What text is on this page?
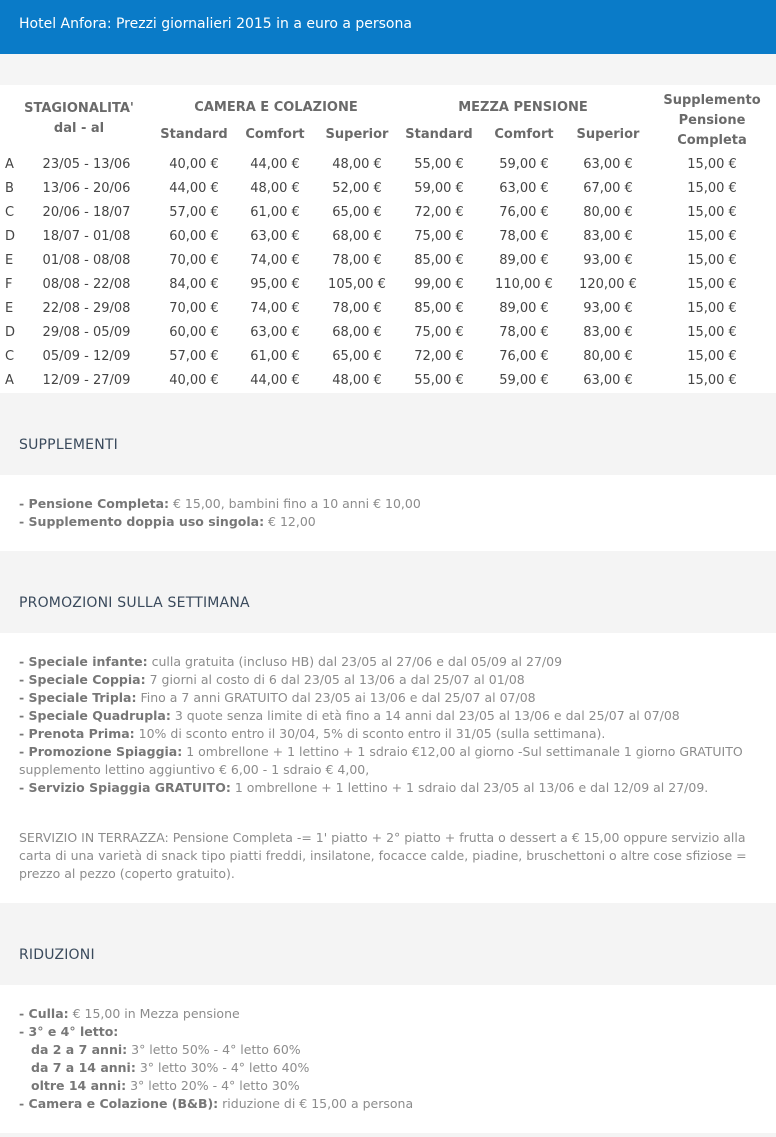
Hotel Anfora: Prezzi giornalieri 2015 in a euro a persona
STAGIONALITA' dal - al		CAMERA E COLAZIONE			MEZZA PENSIONE			Supplemento Pensione Completa

		Standard	Comfort	Superior	Standard	Comfort	Superior	
A	23/05 - 13/06	40,00 €	44,00 €	48,00 €	55,00 €	59,00 €	63,00 €	15,00 €
B	13/06 - 20/06	44,00 €	48,00 €	52,00 €	59,00 €	63,00 €	67,00 €	15,00 €
C	20/06 - 18/07	57,00 €	61,00 €	65,00 €	72,00 €	76,00 €	80,00 €	15,00 €
D	18/07 - 01/08	60,00 €	63,00 €	68,00 €	75,00 €	78,00 €	83,00 €	15,00 €
E	01/08 - 08/08	70,00 €	74,00 €	78,00 €	85,00 €	89,00 €	93,00 €	15,00 €
F	08/08 - 22/08	84,00 €	95,00 €	105,00 €	99,00 €	110,00 €	120,00 €	15,00 €
E	22/08 - 29/08	70,00 €	74,00 €	78,00 €	85,00 €	89,00 €	93,00 €	15,00 €
D	29/08 - 05/09	60,00 €	63,00 €	68,00 €	75,00 €	78,00 €	83,00 €	15,00 €
C	05/09 - 12/09	57,00 €	61,00 €	65,00 €	72,00 €	76,00 €	80,00 €	15,00 €
A	12/09 - 27/09	40,00 €	44,00 €	48,00 €	55,00 €	59,00 €	63,00 €	15,00 €
SUPPLEMENTI
- Pensione Completa: € 15,00, bambini fino a 10 anni € 10,00
- Supplemento doppia uso singola: € 12,00
PROMOZIONI SULLA SETTIMANA
- Speciale infante: culla gratuita (incluso HB) dal 23/05 al 27/06 e dal 05/09 al 27/09
- Speciale Coppia: 7 giorni al costo di 6 dal 23/05 al 13/06 a dal 25/07 al 01/08
- Speciale Tripla: Fino a 7 anni GRATUITO dal 23/05 ai 13/06 e dal 25/07 al 07/08
- Speciale Quadrupla: 3 quote senza limite di età fino a 14 anni dal 23/05 al 13/06 e dal 25/07 al 07/08
- Prenota Prima: 10% di sconto entro il 30/04, 5% di sconto entro il 31/05 (sulla settimana).
- Promozione Spiaggia: 1 ombrellone + 1 lettino + 1 sdraio €12,00 al giorno -Sul settimanale 1 giorno GRATUITO
supplemento lettino aggiuntivo € 6,00 - 1 sdraio € 4,00,
- Servizio Spiaggia GRATUITO: 1 ombrellone + 1 lettino + 1 sdraio dal 23/05 al 13/06 e dal 12/09 al 27/09.
SERVIZIO IN TERRAZZA: Pensione Completa -= 1' piatto + 2° piatto + frutta o dessert a € 15,00 oppure servizio alla
carta di una varietà di snack tipo piatti freddi, insilatone, focacce calde, piadine, bruschettoni o altre cose sfiziose =
prezzo al pezzo (coperto gratuito).
RIDUZIONI
- Culla: € 15,00 in Mezza pensione
- 3° e 4° letto:
da 2 a 7 anni: 3° letto 50% - 4° letto 60%
da 7 a 14 anni: 3° letto 30% - 4° letto 40%
oltre 14 anni: 3° letto 20% - 4° letto 30%
- Camera e Colazione (B&B): riduzione di € 15,00 a persona
